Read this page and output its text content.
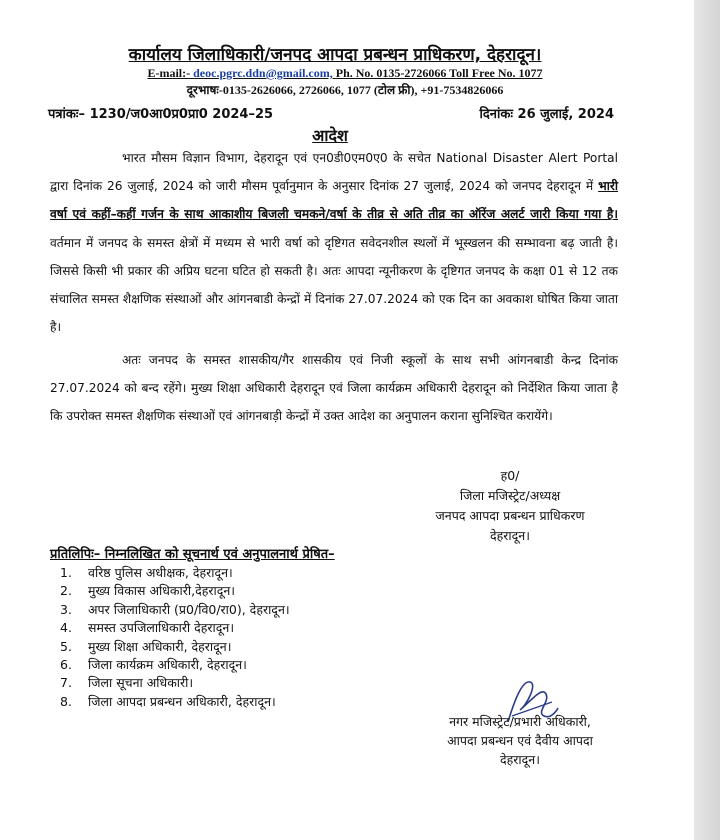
कार्यालय जिलाधिकारी/जनपद आपदा प्रबन्धन प्राधिकरण, देहरादून।
E-mail:- deoc.pgrc.ddn@gmail.com, Ph. No. 0135-2726066 Toll Free No. 1077
दूरभाषः-0135-2626066, 2726066, 1077 (टोल फ्री), +91-7534826066
पत्रांकः– 1230/ज0आ0प्र0प्रा0 2024–25	दिनांकः 26 जुलाई, 2024
आदेश
भारत मौसम विज्ञान विभाग, देहरादून एवं एन0डी0एम0ए0 के सचेत National Disaster Alert Portal द्वारा दिनांक 26 जुलाई, 2024 को जारी मौसम पूर्वानुमान के अनुसार दिनांक 27 जुलाई, 2024 को जनपद देहरादून में भारी वर्षा एवं कहीं–कहीं गर्जन के साथ आकाशीय बिजली चमकने/वर्षा के तीव्र से अति तीव्र का ऑरेंज अलर्ट जारी किया गया है। वर्तमान में जनपद के समस्त क्षेत्रों में मध्यम से भारी वर्षा को दृष्टिगत सवेदनशील स्थलों में भूस्खलन की सम्भावना बढ़ जाती है। जिससे किसी भी प्रकार की अप्रिय घटना घटित हो सकती है। अतः आपदा न्यूनीकरण के दृष्टिगत जनपद के कक्षा 01 से 12 तक संचालित समस्त शैक्षणिक संस्थाओं और आंगनबाडी केन्द्रों में दिनांक 27.07.2024 को एक दिन का अवकाश घोषित किया जाता है।
अतः जनपद के समस्त शासकीय/गैर शासकीय एवं निजी स्कूलों के साथ सभी आंगनबाडी केन्द्र दिनांक 27.07.2024 को बन्द रहेंगे। मुख्य शिक्षा अधिकारी देहरादून एवं जिला कार्यक्रम अधिकारी देहरादून को निर्देशित किया जाता है कि उपरोक्त समस्त शैक्षणिक संस्थाओं एवं आंगनबाड़ी केन्द्रों में उक्त आदेश का अनुपालन कराना सुनिश्चित करायेंगे।
ह0/
जिला मजिस्ट्रेट/अध्यक्ष
जनपद आपदा प्रबन्धन प्राधिकरण
देहरादून।
प्रतिलिपिः– निम्नलिखित को सूचनार्थ एवं अनुपालनार्थ प्रेषित–
1.	वरिष्ठ पुलिस अधीक्षक, देहरादून।
2.	मुख्य विकास अधिकारी,देहरादून।
3.	अपर जिलाधिकारी (प्र0/वि0/रा0), देहरादून।
4.	समस्त उपजिलाधिकारी देहरादून।
5.	मुख्य शिक्षा अधिकारी, देहरादून।
6.	जिला कार्यक्रम अधिकारी, देहरादून।
7.	जिला सूचना अधिकारी।
8.	जिला आपदा प्रबन्धन अधिकारी, देहरादून।
नगर मजिस्ट्रेट/प्रभारी अधिकारी,
आपदा प्रबन्धन एवं दैवीय आपदा
देहरादून।
